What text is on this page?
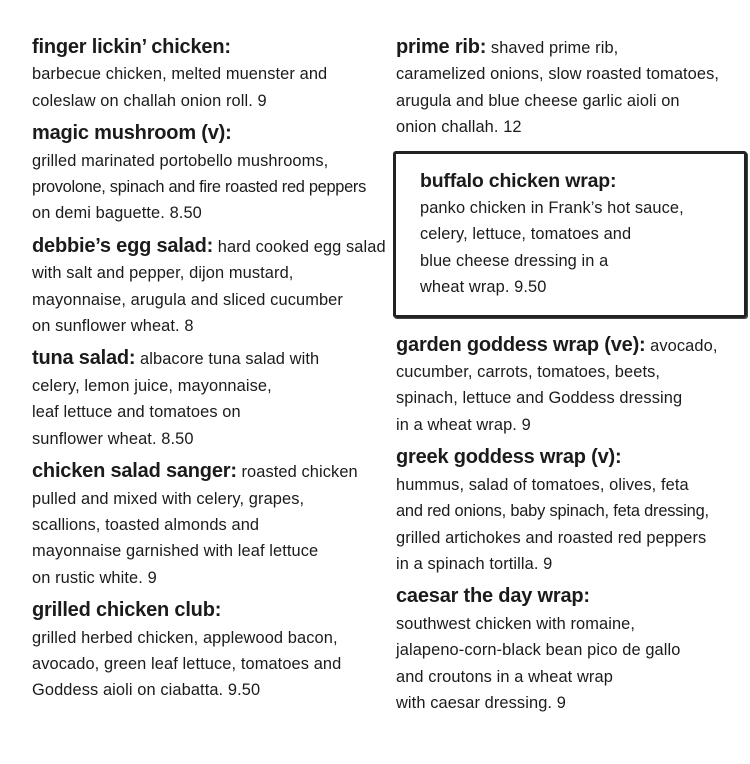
finger lickin’ chicken:
barbecue chicken, melted muenster and
coleslaw on challah onion roll. 9
magic mushroom (v):
grilled marinated portobello mushrooms,
provolone, spinach and fire roasted red peppers
on demi baguette. 8.50
debbie’s egg salad: hard cooked egg salad
with salt and pepper, dijon mustard,
mayonnaise, arugula and sliced cucumber
on sunflower wheat. 8
tuna salad: albacore tuna salad with
celery, lemon juice, mayonnaise,
leaf lettuce and tomatoes on
sunflower wheat. 8.50
chicken salad sanger: roasted chicken
pulled and mixed with celery, grapes,
scallions, toasted almonds and
mayonnaise garnished with leaf lettuce
on rustic white. 9
grilled chicken club:
grilled herbed chicken, applewood bacon,
avocado, green leaf lettuce, tomatoes and
Goddess aioli on ciabatta. 9.50
prime rib: shaved prime rib,
caramelized onions, slow roasted tomatoes,
arugula and blue cheese garlic aioli on
onion challah. 12
buffalo chicken wrap:
panko chicken in Frank’s hot sauce,
celery, lettuce, tomatoes and
blue cheese dressing in a
wheat wrap. 9.50
garden goddess wrap (ve): avocado,
cucumber, carrots, tomatoes, beets,
spinach, lettuce and Goddess dressing
in a wheat wrap. 9
greek goddess wrap (v):
hummus, salad of tomatoes, olives, feta
and red onions, baby spinach, feta dressing,
grilled artichokes and roasted red peppers
in a spinach tortilla. 9
caesar the day wrap:
southwest chicken with romaine,
jalapeno-corn-black bean pico de gallo
and croutons in a wheat wrap
with caesar dressing. 9
